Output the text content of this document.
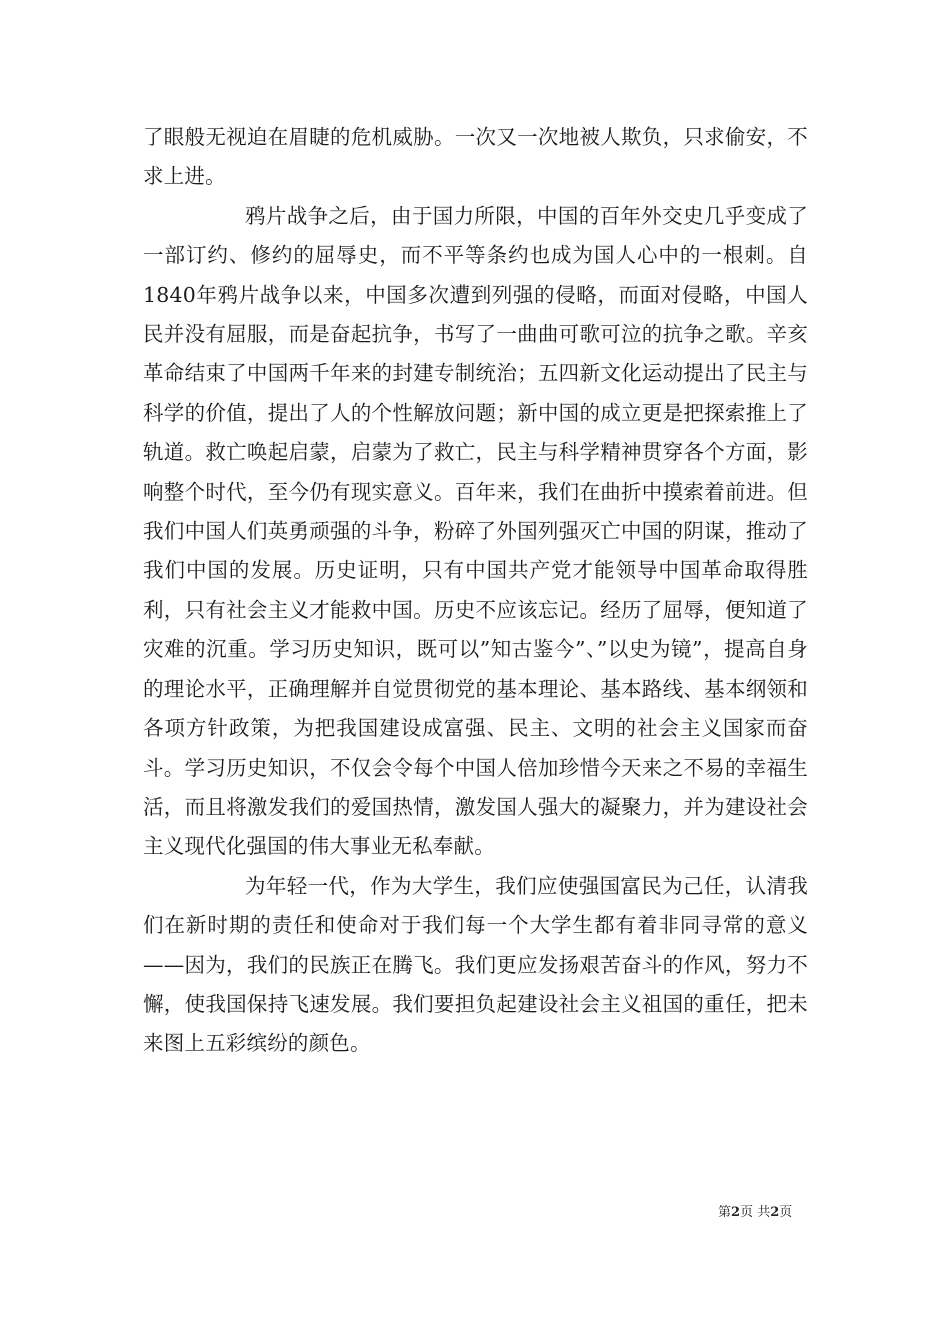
了眼般无视迫在眉睫的危机威胁。一次又一次地被人欺负，只求偷安，不求上进。

鸦片战争之后，由于国力所限，中国的百年外交史几乎变成了一部订约、修约的屈辱史，而不平等条约也成为国人心中的一根刺。自1840年鸦片战争以来，中国多次遭到列强的侵略，而面对侵略，中国人民并没有屈服，而是奋起抗争，书写了一曲曲可歌可泣的抗争之歌。辛亥革命结束了中国两千年来的封建专制统治；五四新文化运动提出了民主与科学的价值，提出了人的个性解放问题；新中国的成立更是把探索推上了轨道。救亡唤起启蒙，启蒙为了救亡，民主与科学精神贯穿各个方面，影响整个时代，至今仍有现实意义。百年来，我们在曲折中摸索着前进。但我们中国人们英勇顽强的斗争，粉碎了外国列强灭亡中国的阴谋，推动了我们中国的发展。历史证明，只有中国共产党才能领导中国革命取得胜利，只有社会主义才能救中国。历史不应该忘记。经历了屈辱，便知道了灾难的沉重。学习历史知识，既可以”知古鉴今”、”以史为镜”，提高自身的理论水平，正确理解并自觉贯彻党的基本理论、基本路线、基本纲领和各项方针政策，为把我国建设成富强、民主、文明的社会主义国家而奋斗。学习历史知识，不仅会令每个中国人倍加珍惜今天来之不易的幸福生活，而且将激发我们的爱国热情，激发国人强大的凝聚力，并为建设社会主义现代化强国的伟大事业无私奉献。

为年轻一代，作为大学生，我们应使强国富民为己任，认清我们在新时期的责任和使命对于我们每一个大学生都有着非同寻常的意义——因为，我们的民族正在腾飞。我们更应发扬艰苦奋斗的作风，努力不懈，使我国保持飞速发展。我们要担负起建设社会主义祖国的重任，把未来图上五彩缤纷的颜色。

第2页 共2页
